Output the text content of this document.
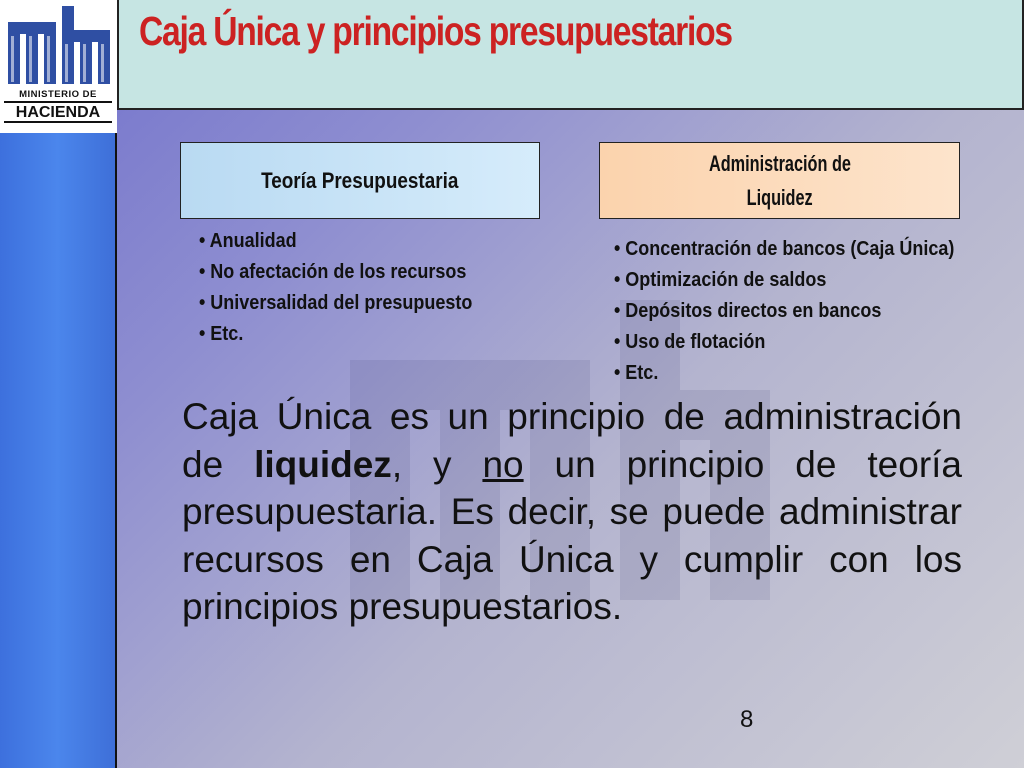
MINISTERIO DE
HACIENDA
Caja Única y principios presupuestarios
Teoría Presupuestaria
Administración de
Liquidez
• Anualidad
• No afectación de los recursos
• Universalidad del presupuesto
• Etc.
• Concentración de bancos (Caja Única)
• Optimización de saldos
• Depósitos directos en bancos
• Uso de flotación
• Etc.

Caja Única es un principio de administración de liquidez, y no un principio de teoría presupuestaria. Es decir, se puede administrar recursos en Caja Única y cumplir con los principios presupuestarios.

8
